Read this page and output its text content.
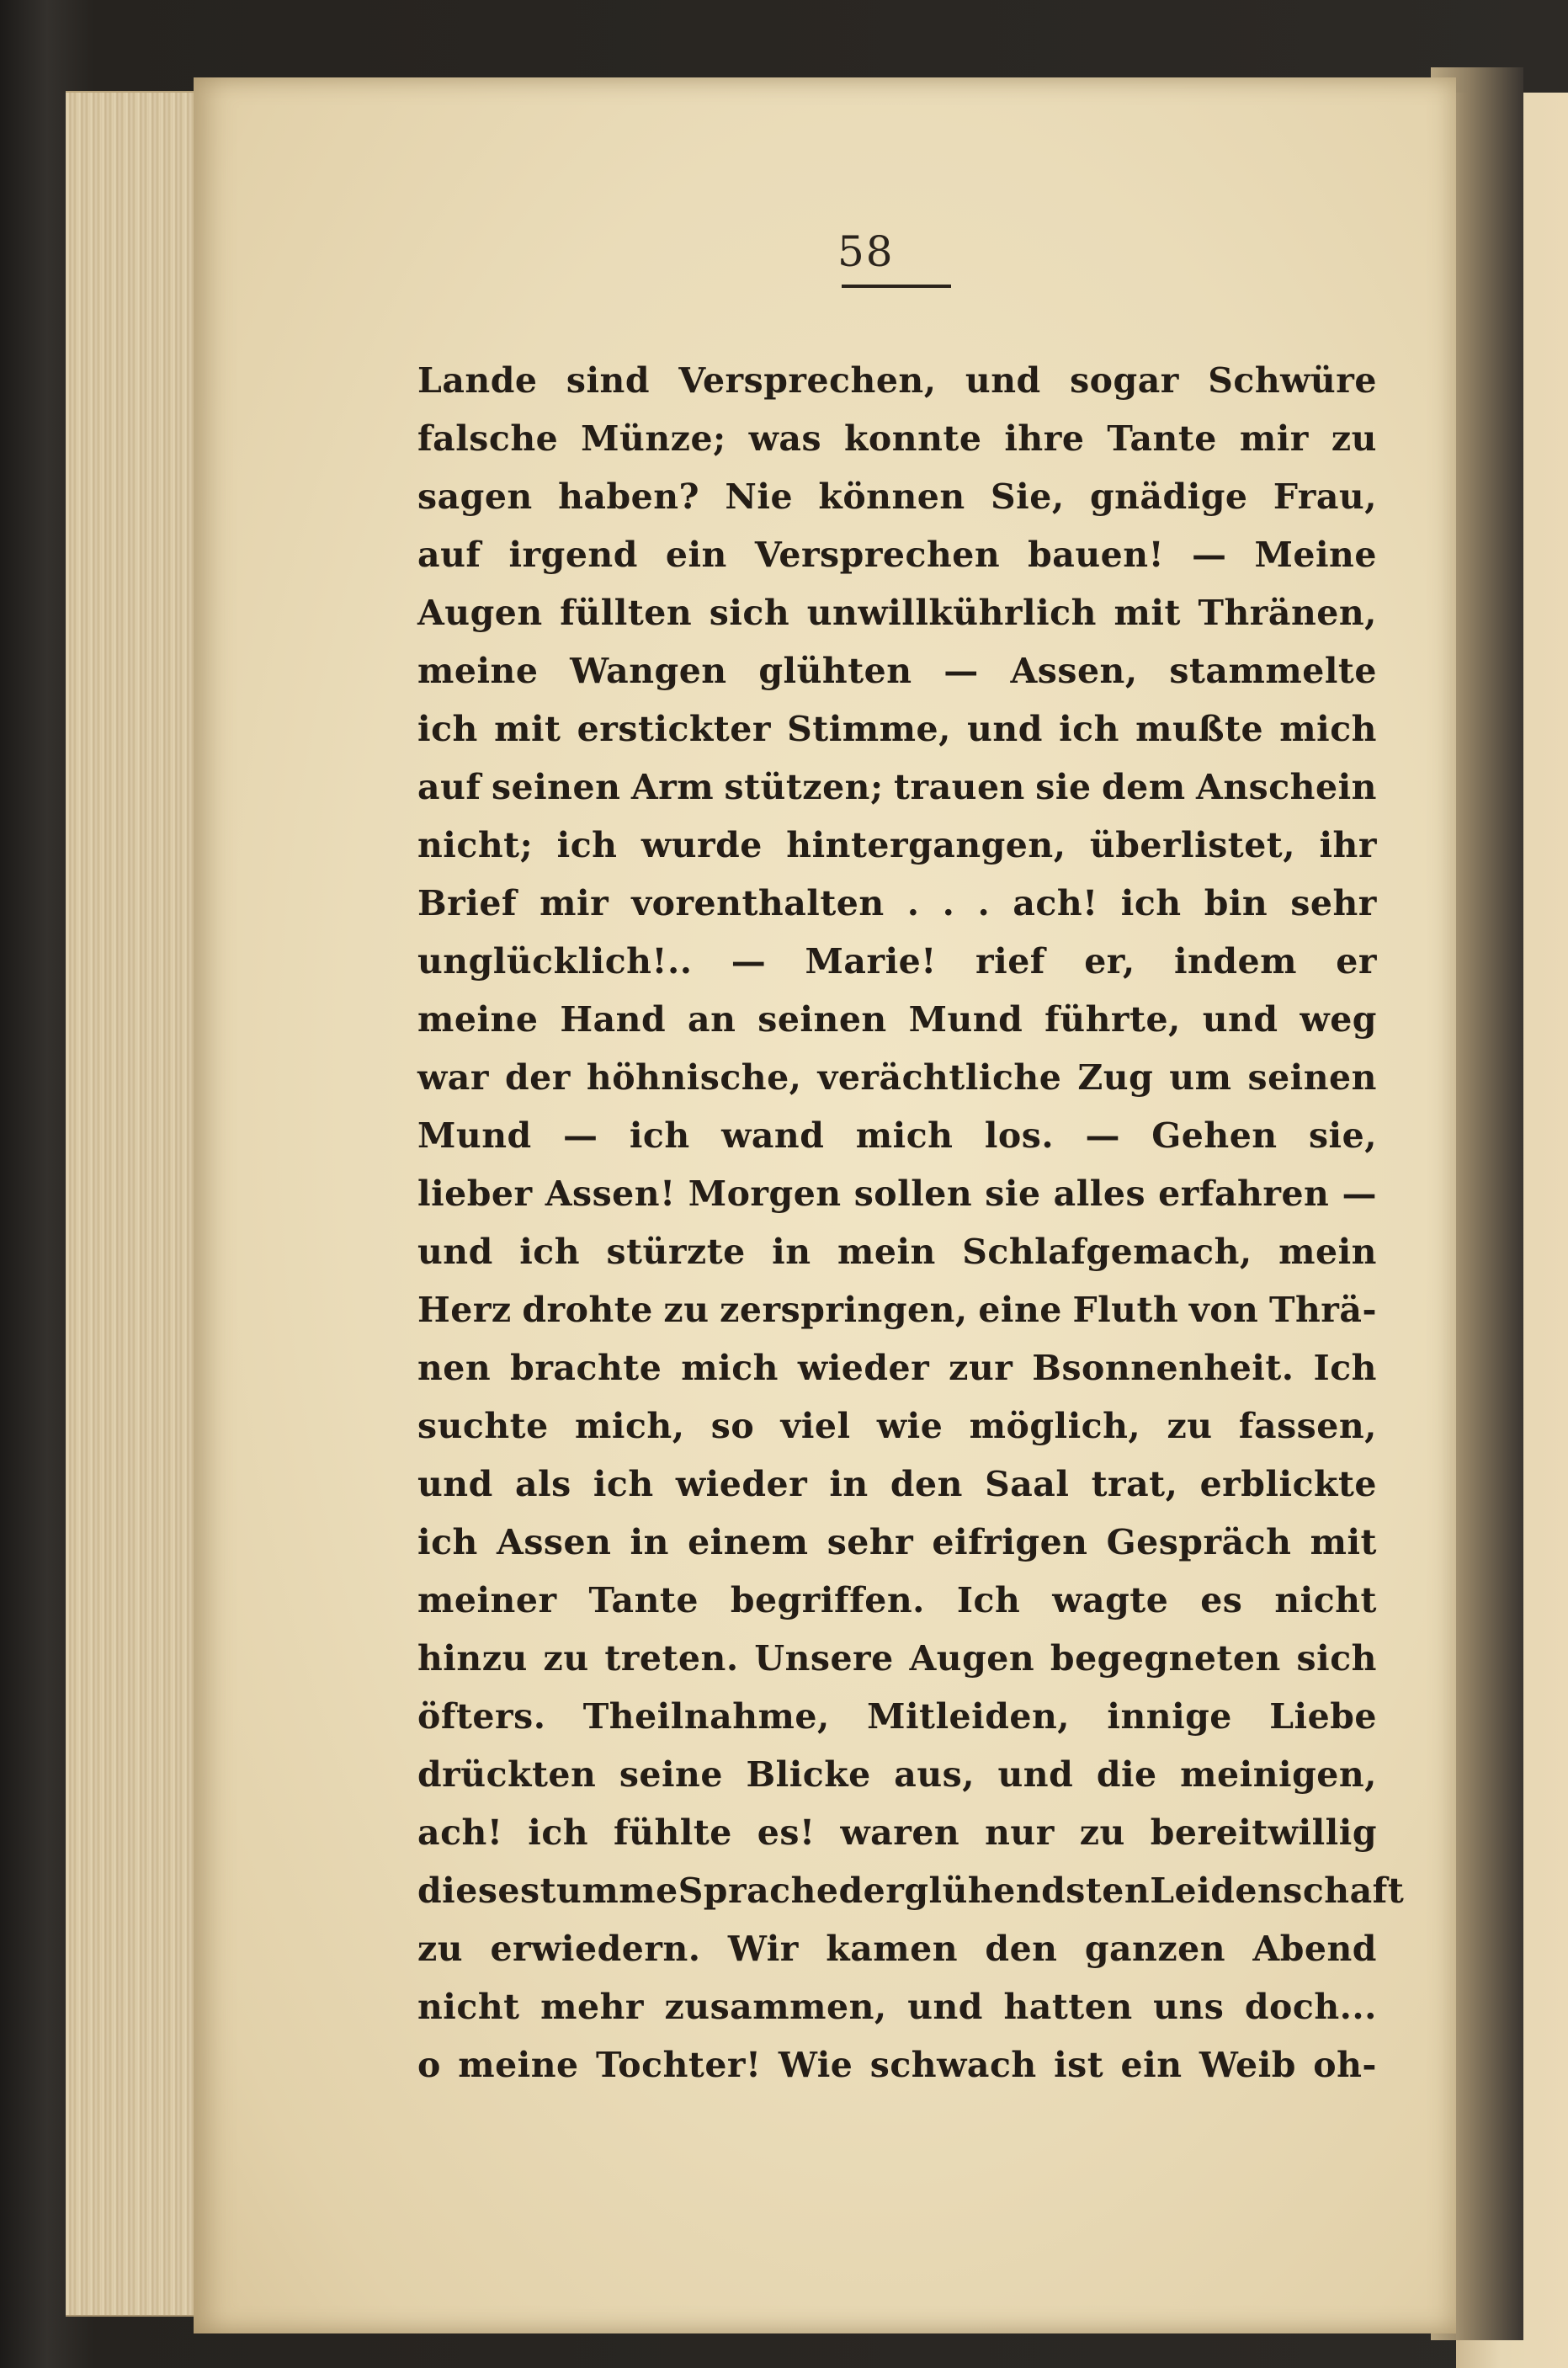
58
Lande sind Versprechen, und sogar Schwüre
falsche Münze; was konnte ihre Tante mir zu
sagen haben? Nie können Sie, gnädige Frau,
auf irgend ein Versprechen bauen! — Meine
Augen füllten sich unwillkührlich mit Thränen,
meine Wangen glühten — Assen, stammelte
ich mit erstickter Stimme, und ich mußte mich
auf seinen Arm stützen; trauen sie dem Anschein
nicht; ich wurde hintergangen, überlistet, ihr
Brief mir vorenthalten . . . ach! ich bin sehr
unglücklich!.. — Marie! rief er, indem er
meine Hand an seinen Mund führte, und weg
war der höhnische, verächtliche Zug um seinen
Mund — ich wand mich los. — Gehen sie,
lieber Assen! Morgen sollen sie alles erfahren —
und ich stürzte in mein Schlafgemach, mein
Herz drohte zu zerspringen, eine Fluth von Thrä-
nen brachte mich wieder zur Bsonnenheit. Ich
suchte mich, so viel wie möglich, zu fassen,
und als ich wieder in den Saal trat, erblickte
ich Assen in einem sehr eifrigen Gespräch mit
meiner Tante begriffen. Ich wagte es nicht
hinzu zu treten. Unsere Augen begegneten sich
öfters. Theilnahme, Mitleiden, innige Liebe
drückten seine Blicke aus, und die meinigen,
ach! ich fühlte es! waren nur zu bereitwillig
diese stumme Sprache der glühendsten Leidenschaft
zu erwiedern. Wir kamen den ganzen Abend
nicht mehr zusammen, und hatten uns doch...
o meine Tochter! Wie schwach ist ein Weib oh-
